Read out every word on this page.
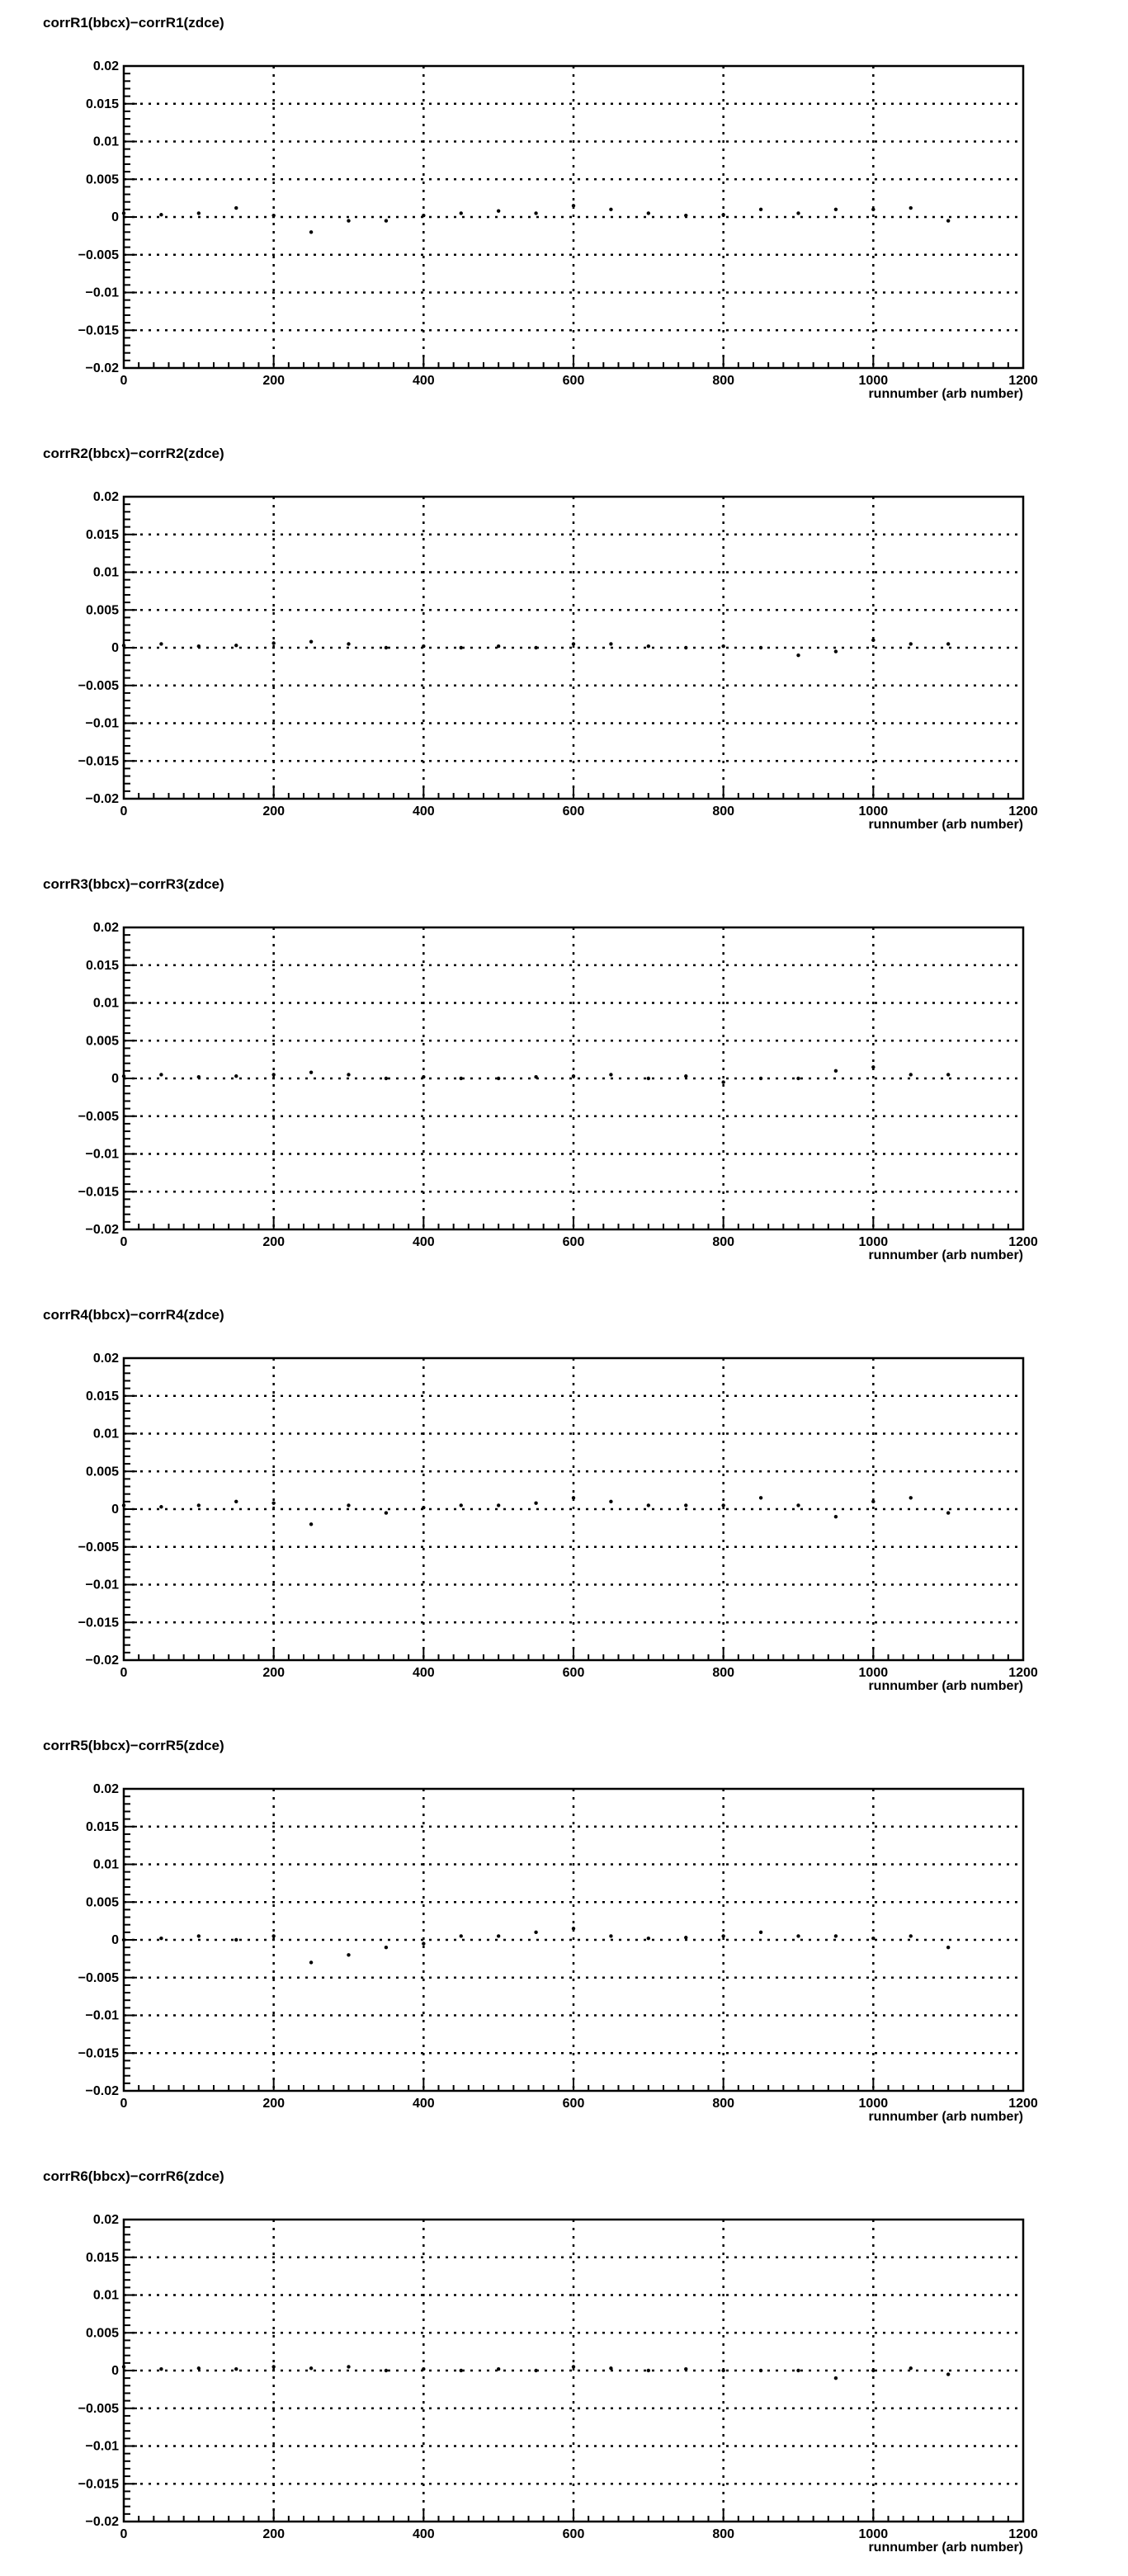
corrR1(bbcx)−corrR1(zdce)
0	200	400	600	800	1000	1200
−0.02
−0.015
−0.01
−0.005
0
0.005
0.01
0.015
0.02
runnumber (arb number)
corrR2(bbcx)−corrR2(zdce)
0	200	400	600	800	1000	1200
−0.02
−0.015
−0.01
−0.005
0
0.005
0.01
0.015
0.02
runnumber (arb number)
corrR3(bbcx)−corrR3(zdce)
0	200	400	600	800	1000	1200
−0.02
−0.015
−0.01
−0.005
0
0.005
0.01
0.015
0.02
runnumber (arb number)
corrR4(bbcx)−corrR4(zdce)
0	200	400	600	800	1000	1200
−0.02
−0.015
−0.01
−0.005
0
0.005
0.01
0.015
0.02
runnumber (arb number)
corrR5(bbcx)−corrR5(zdce)
0	200	400	600	800	1000	1200
−0.02
−0.015
−0.01
−0.005
0
0.005
0.01
0.015
0.02
runnumber (arb number)
corrR6(bbcx)−corrR6(zdce)
0	200	400	600	800	1000	1200
−0.02
−0.015
−0.01
−0.005
0
0.005
0.01
0.015
0.02
runnumber (arb number)
